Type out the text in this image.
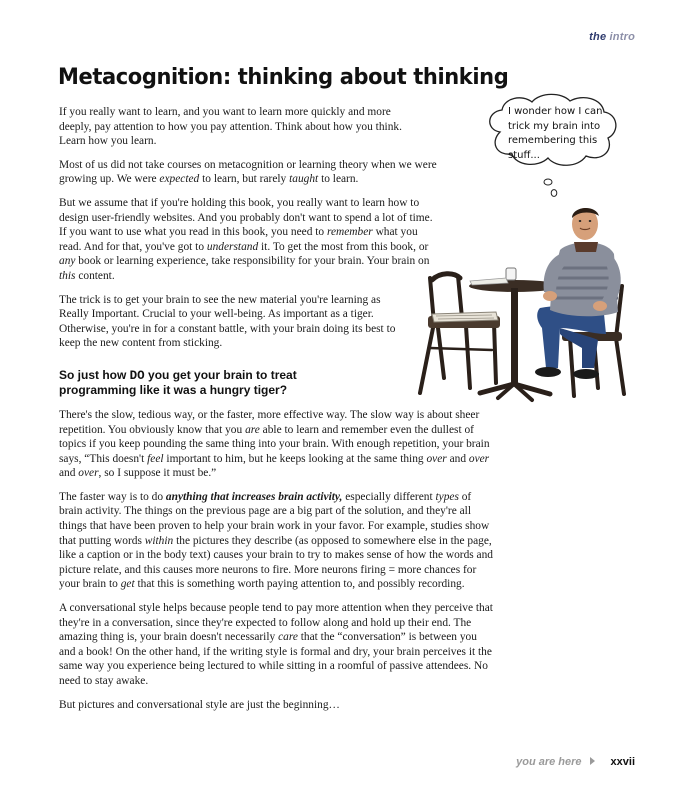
the intro
Metacognition: thinking about thinking
I wonder how I can trick my brain into remembering this stuff...

If you really want to learn, and you want to learn more quickly and more deeply, pay attention to how you pay attention. Think about how you think. Learn how you learn.

Most of us did not take courses on metacognition or learning theory when we were growing up. We were expected to learn, but rarely taught to learn.

But we assume that if you're holding this book, you really want to learn how to design user-friendly websites. And you probably don't want to spend a lot of time. If you want to use what you read in this book, you need to remember what you read. And for that, you've got to understand it. To get the most from this book, or any book or learning experience, take responsibility for your brain. Your brain on this content.

The trick is to get your brain to see the new material you're learning as Really Important. Crucial to your well-being. As important as a tiger. Otherwise, you're in for a constant battle, with your brain doing its best to keep the new content from sticking.

So just how DO you get your brain to treat programming like it was a hungry tiger?

There's the slow, tedious way, or the faster, more effective way. The slow way is about sheer repetition. You obviously know that you are able to learn and remember even the dullest of topics if you keep pounding the same thing into your brain. With enough repetition, your brain says, “This doesn't feel important to him, but he keeps looking at the same thing over and over and over, so I suppose it must be.”

The faster way is to do anything that increases brain activity, especially different types of brain activity. The things on the previous page are a big part of the solution, and they're all things that have been proven to help your brain work in your favor. For example, studies show that putting words within the pictures they describe (as opposed to somewhere else in the page, like a caption or in the body text) causes your brain to try to makes sense of how the words and picture relate, and this causes more neurons to fire. More neurons firing = more chances for your brain to get that this is something worth paying attention to, and possibly recording.

A conversational style helps because people tend to pay more attention when they perceive that they're in a conversation, since they're expected to follow along and hold up their end. The amazing thing is, your brain doesn't necessarily care that the “conversation” is between you and a book! On the other hand, if the writing style is formal and dry, your brain perceives it the same way you experience being lectured to while sitting in a roomful of passive attendees. No need to stay awake.

But pictures and conversational style are just the beginning…

you are here	xxvii
